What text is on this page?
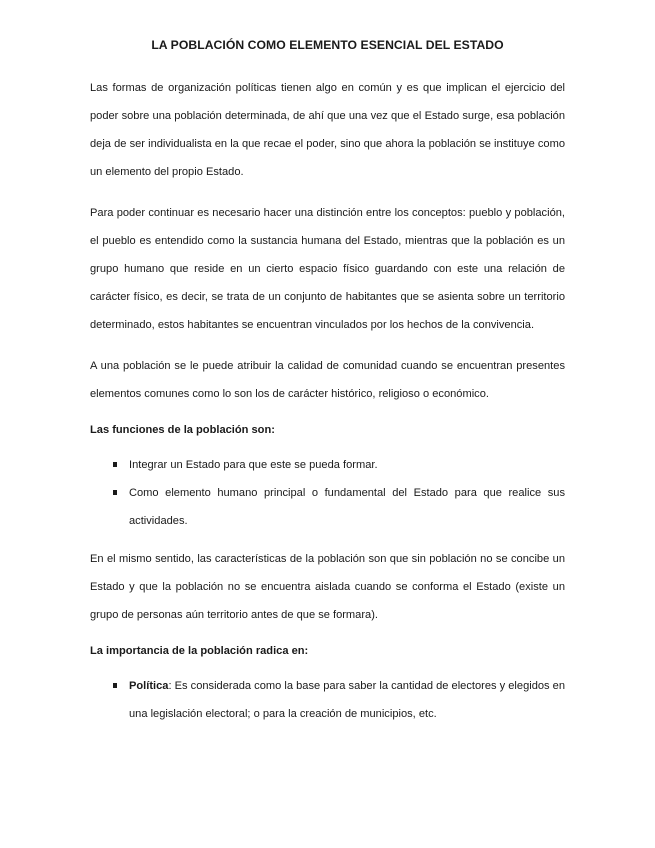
LA POBLACIÓN COMO ELEMENTO ESENCIAL DEL ESTADO

Las formas de organización políticas tienen algo en común y es que implican el ejercicio del poder sobre una población determinada, de ahí que una vez que el Estado surge, esa población deja de ser individualista en la que recae el poder, sino que ahora la población se instituye como un elemento del propio Estado.

Para poder continuar es necesario hacer una distinción entre los conceptos: pueblo y población, el pueblo es entendido como la sustancia humana del Estado, mientras que la población es un grupo humano que reside en un cierto espacio físico guardando con este una relación de carácter físico, es decir, se trata de un conjunto de habitantes que se asienta sobre un territorio determinado, estos habitantes se encuentran vinculados por los hechos de la convivencia.

A una población se le puede atribuir la calidad de comunidad cuando se encuentran presentes elementos comunes como lo son los de carácter histórico, religioso o económico.

Las funciones de la población son:
Integrar un Estado para que este se pueda formar.
Como elemento humano principal o fundamental del Estado para que realice sus actividades.

En el mismo sentido, las características de la población son que sin población no se concibe un Estado y que la población no se encuentra aislada cuando se conforma el Estado (existe un grupo de personas aún territorio antes de que se formara).

La importancia de la población radica en:
Política: Es considerada como la base para saber la cantidad de electores y elegidos en una legislación electoral; o para la creación de municipios, etc.
